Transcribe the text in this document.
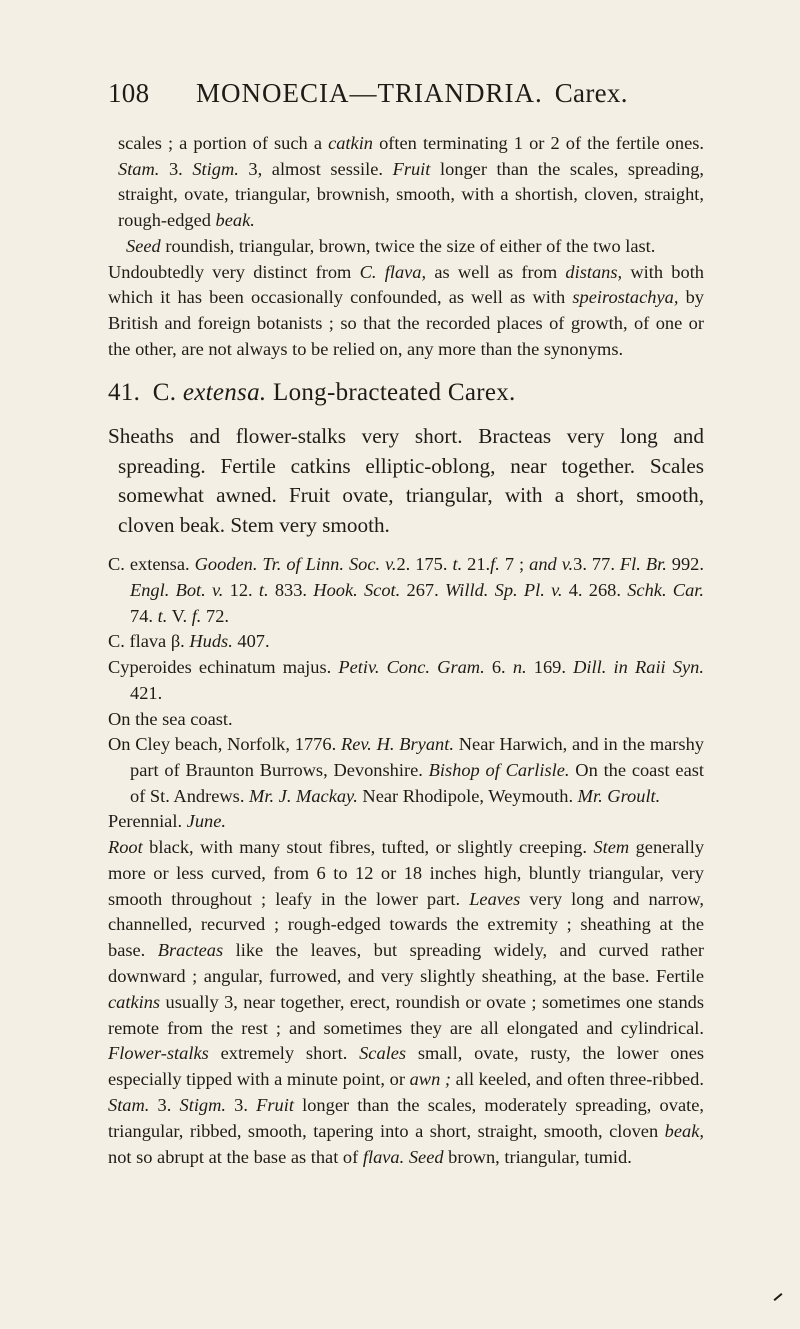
108	MONOECIA—TRIANDRIA. Carex.

scales ; a portion of such a catkin often terminating 1 or 2 of the fertile ones. Stam. 3. Stigm. 3, almost sessile. Fruit longer than the scales, spreading, straight, ovate, triangular, brownish, smooth, with a shortish, cloven, straight, rough-edged beak.

Seed roundish, triangular, brown, twice the size of either of the two last.

Undoubtedly very distinct from C. flava, as well as from distans, with both which it has been occasionally confounded, as well as with speirostachya, by British and foreign botanists ; so that the recorded places of growth, of one or the other, are not always to be relied on, any more than the synonyms.

41. C. extensa. Long-bracteated Carex.

Sheaths and flower-stalks very short. Bracteas very long and spreading. Fertile catkins elliptic-oblong, near together. Scales somewhat awned. Fruit ovate, triangular, with a short, smooth, cloven beak. Stem very smooth.

C. extensa. Gooden. Tr. of Linn. Soc. v.2. 175. t. 21.f. 7 ; and v.3. 77. Fl. Br. 992. Engl. Bot. v. 12. t. 833. Hook. Scot. 267. Willd. Sp. Pl. v. 4. 268. Schk. Car. 74. t. V. f. 72.

C. flava β. Huds. 407.

Cyperoides echinatum majus. Petiv. Conc. Gram. 6. n. 169. Dill. in Raii Syn. 421.

On the sea coast.

On Cley beach, Norfolk, 1776. Rev. H. Bryant. Near Harwich, and in the marshy part of Braunton Burrows, Devonshire. Bishop of Carlisle. On the coast east of St. Andrews. Mr. J. Mackay. Near Rhodipole, Weymouth. Mr. Groult.

Perennial. June.

Root black, with many stout fibres, tufted, or slightly creeping. Stem generally more or less curved, from 6 to 12 or 18 inches high, bluntly triangular, very smooth throughout ; leafy in the lower part. Leaves very long and narrow, channelled, recurved ; rough-edged towards the extremity ; sheathing at the base. Bracteas like the leaves, but spreading widely, and curved rather downward ; angular, furrowed, and very slightly sheathing, at the base. Fertile catkins usually 3, near together, erect, roundish or ovate ; sometimes one stands remote from the rest ; and sometimes they are all elongated and cylindrical. Flower-stalks extremely short. Scales small, ovate, rusty, the lower ones especially tipped with a minute point, or awn ; all keeled, and often three-ribbed. Stam. 3. Stigm. 3. Fruit longer than the scales, moderately spreading, ovate, triangular, ribbed, smooth, tapering into a short, straight, smooth, cloven beak, not so abrupt at the base as that of flava. Seed brown, triangular, tumid.
